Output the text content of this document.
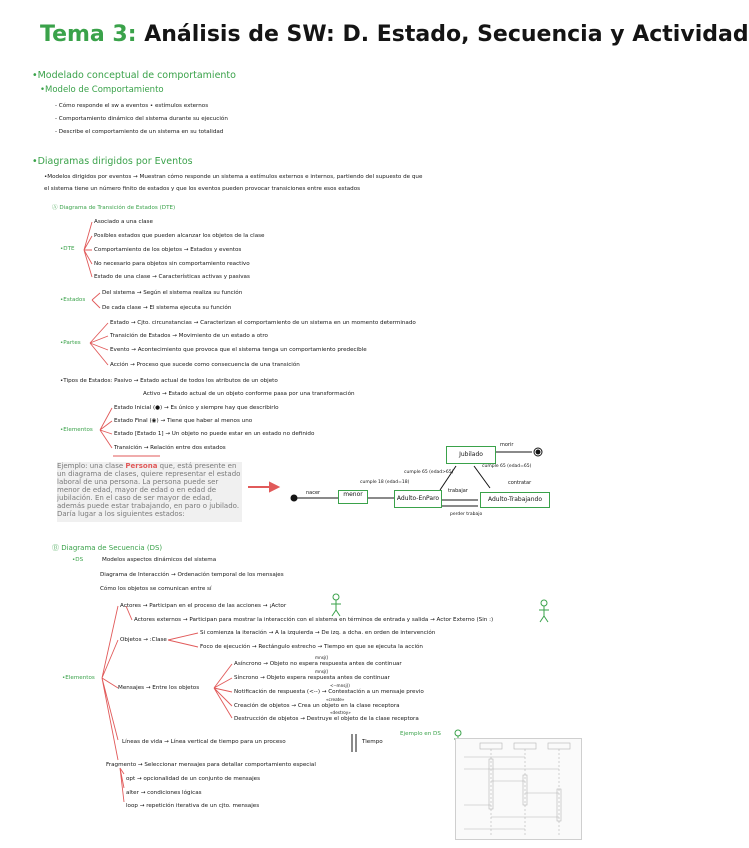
Tema 3: Análisis de SW: D. Estado, Secuencia y Actividad
•Modelado conceptual de comportamiento
•Modelo de Comportamiento
- Cómo responde el sw a eventos • estímulos externos
- Comportamiento dinámico del sistema durante su ejecución
- Describe el comportamiento de un sistema en su totalidad
•Diagramas dirigidos por Eventos
•Modelos dirigidos por eventos → Muestran cómo responde un sistema a estímulos externos e internos, partiendo del supuesto de que
el sistema tiene un número finito de estados y que los eventos pueden provocar transiciones entre esos estados
Ⓐ Diagrama de Transición de Estados (DTE)
•DTE
Asociado a una clase
Posibles estados que pueden alcanzar los objetos de la clase
Comportamiento de los objetos → Estados y eventos
No necesario para objetos sin comportamiento reactivo
Estado de una clase → Características activas y pasivas
•Estados
Del sistema → Según el sistema realiza su función
De cada clase → El sistema ejecuta su función
•Partes
Estado → Cjto. circunstancias → Caracterizan el comportamiento de un sistema en un momento determinado
Transición de Estados → Movimiento de un estado a otro
Evento → Acontecimiento que provoca que el sistema tenga un comportamiento predecible
Acción → Proceso que sucede como consecuencia de una transición
•Tipos de Estados: Pasivo → Estado actual de todos los atributos de un objeto
Activo → Estado actual de un objeto conforme pasa por una transformación
•Elementos
Estado Inicial (●) → Es único y siempre hay que describirlo
Estado Final (◉) → Tiene que haber al menos uno
Estado [Estado 1] → Un objeto no puede estar en un estado no definido
Transición → Relación entre dos estados
Ejemplo: una clase Persona que, está presente en un diagrama de clases, quiere representar el estado laboral de una persona. La persona puede ser menor de edad, mayor de edad o en edad de jubilación. En el caso de ser mayor de edad, además puede estar trabajando, en paro o jubilado. Daría lugar a los siguientes estados:
menor
Adulto-EnParo
Jubilado
Adulto-Trabajando
nacer
cumple 18 (edad=18)
cumple 65 (edad>65)
cumple 65 (edad=65)
morir
contratar
trabajar
perder trabajo
Ⓑ Diagrama de Secuencia (DS)
•DS	Modelos aspectos dinámicos del sistema
Diagrama de Interacción → Ordenación temporal de los mensajes
Cómo los objetos se comunican entre sí
•Elementos
Actores → Participan en el proceso de las acciones → ¡Actor
Actores externos → Participan para mostrar la interacción con el sistema en términos de entrada y salida → Actor Externo (Sin :)
Objetos → :Clase
Si comienza la iteración → A la izquierda → De izq. a dcha. en orden de intervención
Foco de ejecución → Rectángulo estrecho → Tiempo en que se ejecuta la acción
Mensajes → Entre los objetos
Asíncrono → Objeto no espera respuesta antes de continuar
Síncrono → Objeto espera respuesta antes de continuar
Notificación de respuesta (<--) → Contestación a un mensaje previo
Creación de objetos → Crea un objeto en la clase receptora
Destrucción de objetos → Destruye el objeto de la clase receptora
mnsj()
mnsj()
<--mnsj()
«create»
«destroy»
Líneas de vida → Línea vertical de tiempo para un proceso	Tiempo
Ejemplo en DS
Fragmento → Seleccionar mensajes para detallar comportamiento especial
opt → opcionalidad de un conjunto de mensajes
alter → condiciones lógicas
loop → repetición iterativa de un cjto. mensajes
